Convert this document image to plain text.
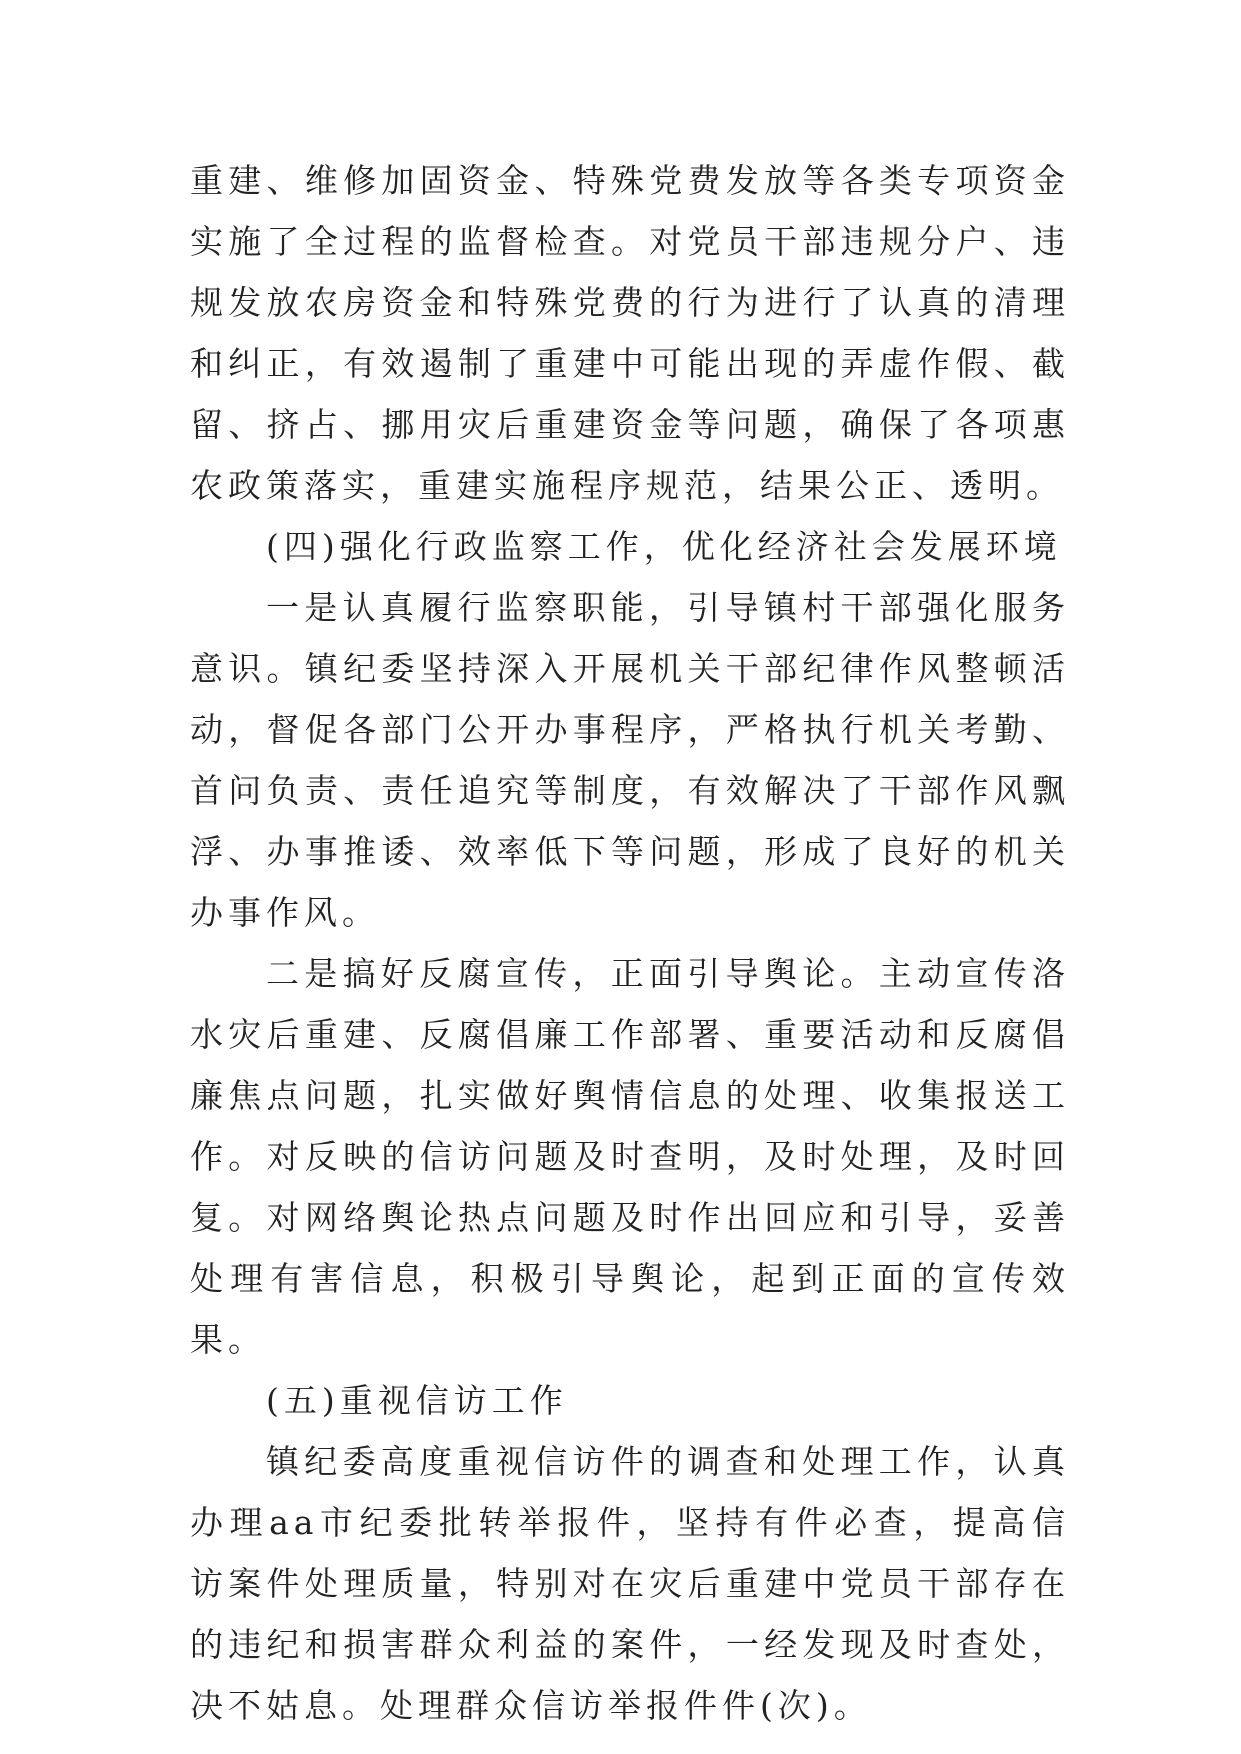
重建、维修加固资金、特殊党费发放等各类专项资金实施了全过程的监督检查。对党员干部违规分户、违规发放农房资金和特殊党费的行为进行了认真的清理和纠正，有效遏制了重建中可能出现的弄虚作假、截留、挤占、挪用灾后重建资金等问题，确保了各项惠农政策落实，重建实施程序规范，结果公正、透明。

(四)强化行政监察工作，优化经济社会发展环境

一是认真履行监察职能，引导镇村干部强化服务意识。镇纪委坚持深入开展机关干部纪律作风整顿活动，督促各部门公开办事程序，严格执行机关考勤、首问负责、责任追究等制度，有效解决了干部作风飘浮、办事推诿、效率低下等问题，形成了良好的机关办事作风。

二是搞好反腐宣传，正面引导舆论。主动宣传洛水灾后重建、反腐倡廉工作部署、重要活动和反腐倡廉焦点问题，扎实做好舆情信息的处理、收集报送工作。对反映的信访问题及时查明，及时处理，及时回复。对网络舆论热点问题及时作出回应和引导，妥善处理有害信息，积极引导舆论，起到正面的宣传效果。

(五)重视信访工作

镇纪委高度重视信访件的调查和处理工作，认真办理aa市纪委批转举报件，坚持有件必查，提高信访案件处理质量，特别对在灾后重建中党员干部存在的违纪和损害群众利益的案件，一经发现及时查处，决不姑息。处理群众信访举报件件(次)。
